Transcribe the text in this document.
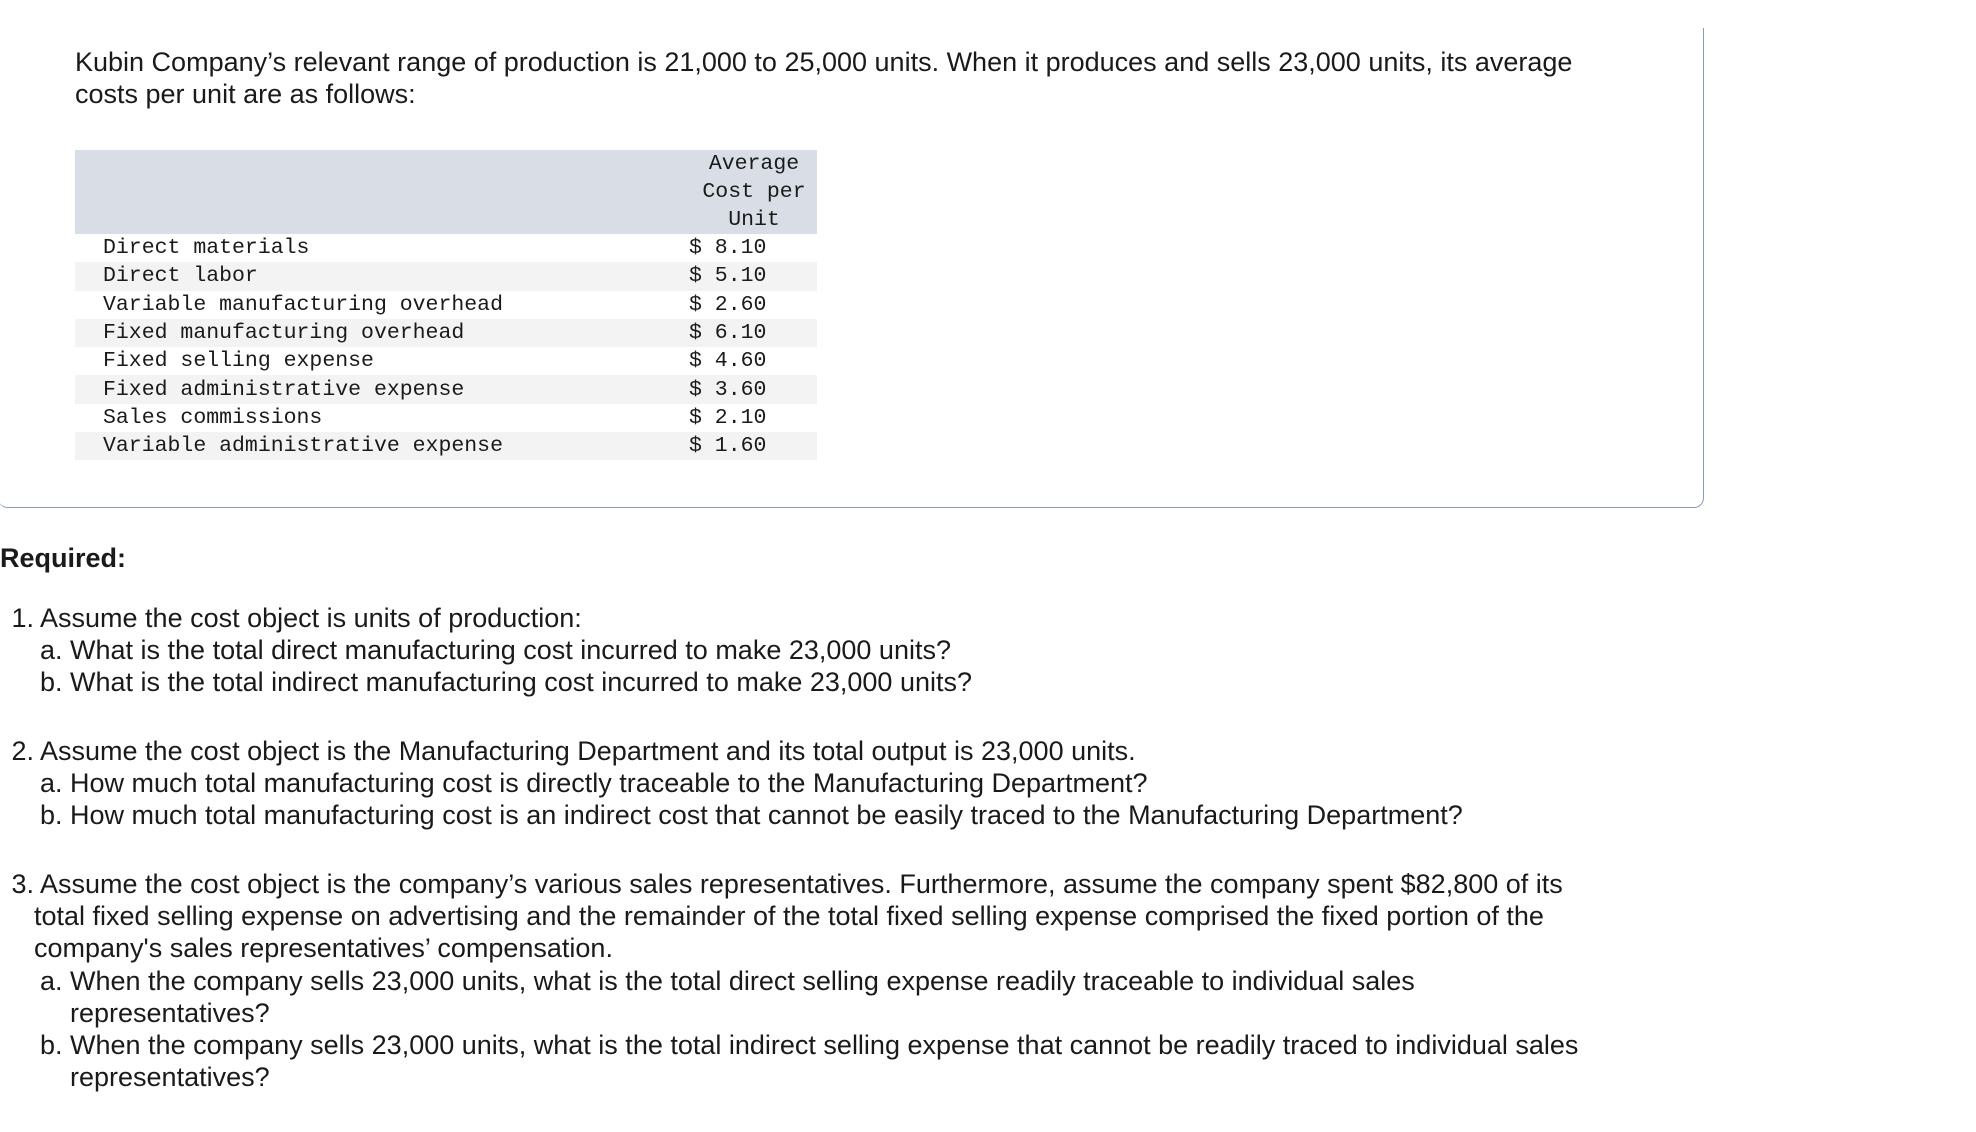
Kubin Company’s relevant range of production is 21,000 to 25,000 units. When it produces and sells 23,000 units, its average costs per unit are as follows:

	Average Cost per Unit

Direct materials	$ 8.10
Direct labor	$ 5.10
Variable manufacturing overhead	$ 2.60
Fixed manufacturing overhead	$ 6.10
Fixed selling expense	$ 4.60
Fixed administrative expense	$ 3.60
Sales commissions	$ 2.10
Variable administrative expense	$ 1.60

Required:

1. Assume the cost object is units of production:
a. What is the total direct manufacturing cost incurred to make 23,000 units?
b. What is the total indirect manufacturing cost incurred to make 23,000 units?
2. Assume the cost object is the Manufacturing Department and its total output is 23,000 units.
a. How much total manufacturing cost is directly traceable to the Manufacturing Department?
b. How much total manufacturing cost is an indirect cost that cannot be easily traced to the Manufacturing Department?
3. Assume the cost object is the company’s various sales representatives. Furthermore, assume the company spent $82,800 of its
total fixed selling expense on advertising and the remainder of the total fixed selling expense comprised the fixed portion of the
company's sales representatives’ compensation.
a. When the company sells 23,000 units, what is the total direct selling expense readily traceable to individual sales
representatives?
b. When the company sells 23,000 units, what is the total indirect selling expense that cannot be readily traced to individual sales
representatives?
